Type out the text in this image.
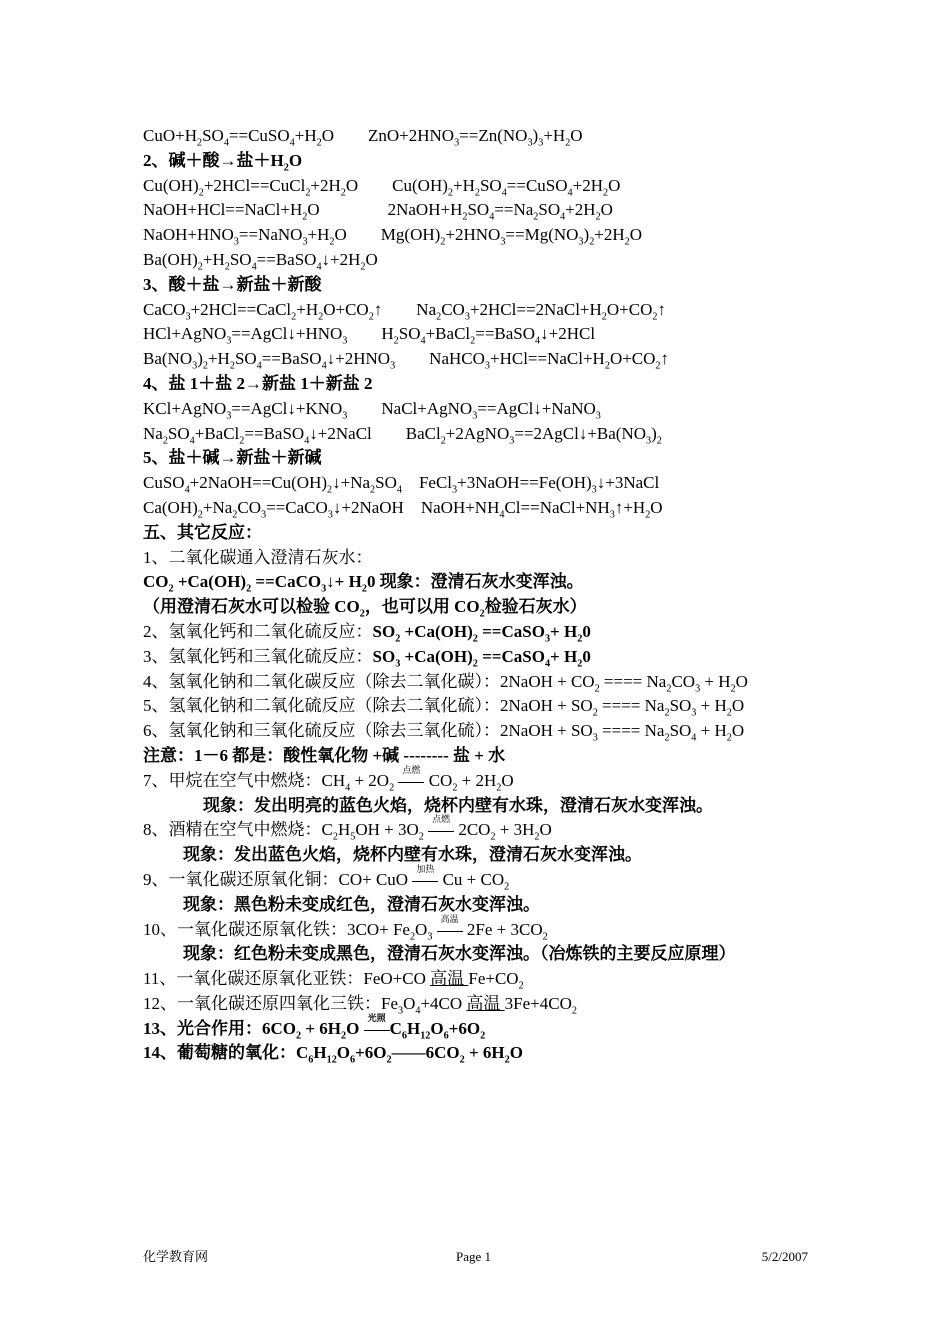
$CuO+H_2SO_4==CuSO_4+H_2O$        $ZnO+2HNO_3==Zn(NO_3)_3+H_2O$
2、碱＋酸→盐$+H_2O$
$Cu(OH)_2+2HCl==CuCl_2+2H_2O$        $Cu(OH)_2+H_2SO_4==CuSO_4+2H_2O$
$NaOH+HCl==NaCl+H_2O$                $2NaOH+H_2SO_4==Na_2SO_4+2H_2O$
$NaOH+HNO_3==NaNO_3+H_2O$        $Mg(OH)_2+2HNO_3==Mg(NO_3)_2+2H_2O$
$Ba(OH)_2+H_2SO_4==BaSO_4↓+2H_2O$
3、酸＋盐→新盐＋新酸
$CaCO_3+2HCl==CaCl_2+H_2O+CO_2↑$        $Na_2CO_3+2HCl==2NaCl+H_2O+CO_2↑$
$HCl+AgNO_3==AgCl↓+HNO_3$        $H_2SO_4+BaCl_2==BaSO_4↓+2HCl$
$Ba(NO_3)_2+H_2SO_4==BaSO_4↓+2HNO_3$        $NaHCO_3+HCl==NaCl+H_2O+CO_2↑$
4、盐 1＋盐 2→新盐 1＋新盐 2
$KCl+AgNO_3==AgCl↓+KNO_3$        NaCl+AgNO$_3$==AgCl↓+NaNO$_3$
$Na_2SO_4+BaCl_2==BaSO_4↓+2NaCl$        $BaCl_2+2AgNO_3==2AgCl↓+Ba(NO_3)_2$
5、盐＋碱→新盐＋新碱
$CuSO_4+2NaOH==Cu(OH)_2↓+Na_2SO_4$    $FeCl_3+3NaOH==Fe(OH)_3↓+3NaCl$
$Ca(OH)_2+Na_2CO_3==CaCO_3↓+2NaOH$    $NaOH+NH_4Cl==NaCl+NH_3↑+H_2O$
五、其它反应：
1、二氧化碳通入澄清石灰水：
$CO_2 +Ca(OH)_2$ ==CaCO$_3$↓+ $H_20$ 现象：澄清石灰水变浑浊。
（用澄清石灰水可以检验 $CO_2$，也可以用 $CO_2$检验石灰水）
2、氢氧化钙和二氧化硫反应：$SO_2 +Ca(OH)_2$ ==CaSO$_3$+ $H_20$
3、氢氧化钙和三氧化硫反应：$SO_3 +Ca(OH)_2$ ==CaSO$_4$+ $H_20$
4、氢氧化钠和二氧化碳反应（除去二氧化碳）：2NaOH + $CO_2$ ==== $Na_2CO_3 + H_2O$
5、氢氧化钠和二氧化硫反应（除去二氧化硫）：2NaOH + $SO_2$ ==== $Na_2SO_3 + H_2O$
6、氢氧化钠和三氧化硫反应（除去三氧化硫）：2NaOH + $SO_3$ ==== $Na_2SO_4 + H_2O$
注意：1－6 都是：酸性氧化物 +碱 -------- 盐 + 水
7、甲烷在空气中燃烧：$CH_4 + 2O_2$
点燃
$CO_2 + 2H_2O$
现象：发出明亮的蓝色火焰，烧杯内壁有水珠，澄清石灰水变浑浊。
8、酒精在空气中燃烧：$C_2H_5OH + 3O_2$
点燃
$2CO_2 + 3H_2O$
现象：发出蓝色火焰，烧杯内壁有水珠，澄清石灰水变浑浊。
9、一氧化碳还原氧化铜：CO+ CuO
加热
$Cu + CO_2$
现象：黑色粉未变成红色，澄清石灰水变浑浊。
10、一氧化碳还原氧化铁：$3CO+ Fe_2O_3$
高温
$2Fe + 3CO_2$
现象：红色粉未变成黑色，澄清石灰水变浑浊。（冶炼铁的主要反应原理）
11、一氧化碳还原氧化亚铁：FeO+CO 高温 $Fe+CO_2$
12、一氧化碳还原四氧化三铁：$Fe_3O_4+4CO$ 高温 $3Fe+4CO_2$
13、光合作用：$6CO_2 + 6H_2O$
光照
$C_6H_{12}O_6+6O_2$
14、葡萄糖的氧化：$C_6H_{12}O_6+6O_2——6CO_2 + 6H_2O$
化学教育网	Page 1	5/2/2007
